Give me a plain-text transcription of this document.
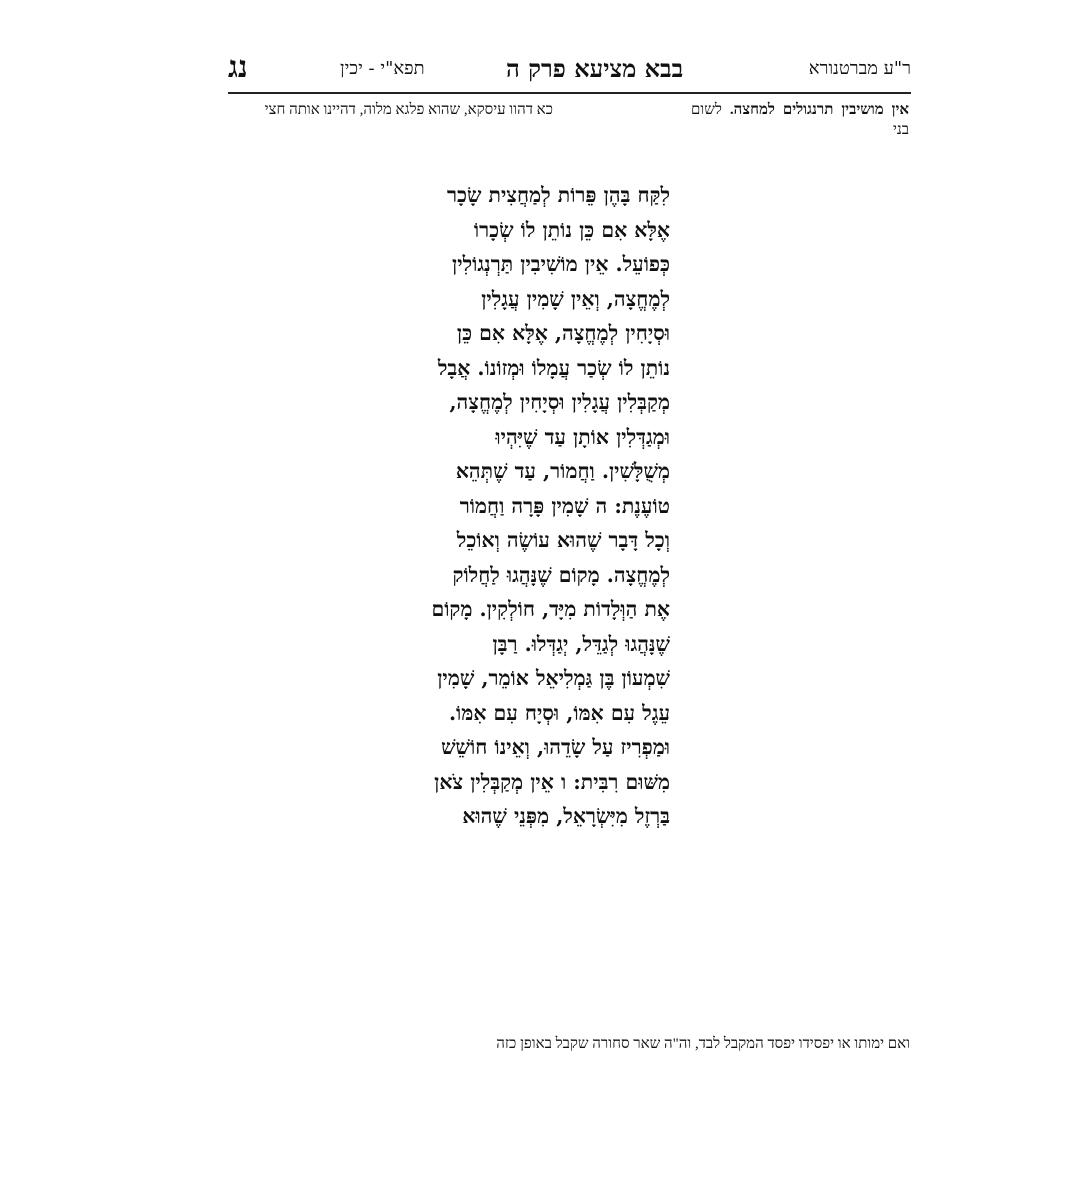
נג	תפא"י - יכין	בבא מציעא פרק ה	ר"ע מברטנורא
אין מושיבין תרנגולים למחצה. לשום בני
לִקַּח בָּהֶן פֵּרוֹת לְמַחֲצִית שָׂכָר
אֶלָּא אִם כֵּן נוֹתֵן לוֹ שְׂכָרוֹ
כְּפוֹעֵל. אֵין מוֹשִׁיבִין תַּרְנְגוֹלִין
לְמֶחֱצָה, וְאֵין שָׁמִין עֲגָלִין
וּסְיָחִין לְמֶחֱצָה, אֶלָּא אִם כֵּן
נוֹתֵן לוֹ שְׂכַר עֲמָלוֹ וּמְזוֹנוֹ. אֲבָל
מְקַבְּלִין עֲגָלִין וּסְיָחִין לְמֶחֱצָה,
וּמְגַדְּלִין אוֹתָן עַד שֶׁיִּהְיוּ
מְשֻׁלָּשִׁין. וַחֲמוֹר, עַד שֶׁתְּהֵא
טוֹעֶנֶת: ה שָׁמִין פָּרָה וַחֲמוֹר
וְכָל דָּבָר שֶׁהוּא עוֹשֶׂה וְאוֹכֵל
לְמֶחֱצָה. מָקוֹם שֶׁנָּהֲגוּ לַחֲלוֹק
אֶת הַוְּלָדוֹת מִיָּד, חוֹלְקִין. מָקוֹם
שֶׁנָּהֲגוּ לְגַדֵּל, יְגַדְּלוּ. רַבָּן
שִׁמְעוֹן בֶּן גַּמְלִיאֵל אוֹמֵר, שָׁמִין
עֵגֶל עִם אִמּוֹ, וּסְיָח עִם אִמּוֹ.
וּמַפְרִיז עַל שָׂדֵהוּ, וְאֵינוֹ חוֹשֵׁשׁ
מִשּׁוּם רִבִּית: ו אֵין מְקַבְּלִין צֹאן
בַּרְזֶל מִיִּשְׂרָאֵל, מִפְּנֵי שֶׁהוּא
כא דהוו עיסקא, שהוא פלגא מלוה, דהיינו אותה חצי
ואם ימותו או יפסידו יפסד המקבל לבד, וה"ה שאר סחורה שקבל באופן כזה
